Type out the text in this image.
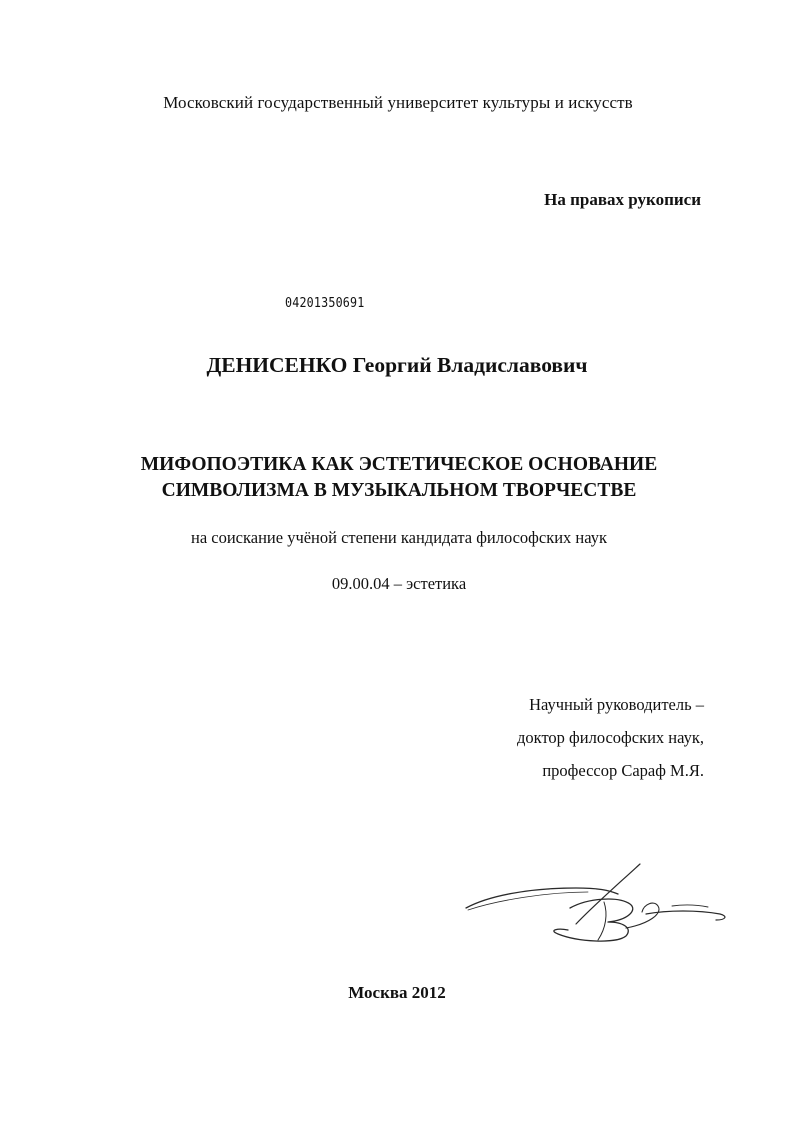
Московский государственный университет культуры и искусств
На правах рукописи
04201350691
ДЕНИСЕНКО Георгий Владиславович
МИФОПОЭТИКА КАК ЭСТЕТИЧЕСКОЕ ОСНОВАНИЕ
СИМВОЛИЗМА В МУЗЫКАЛЬНОМ ТВОРЧЕСТВЕ
на соискание учёной степени кандидата философских наук
09.00.04 – эстетика
Научный руководитель –
доктор философских наук,
профессор Сараф М.Я.
Москва 2012
